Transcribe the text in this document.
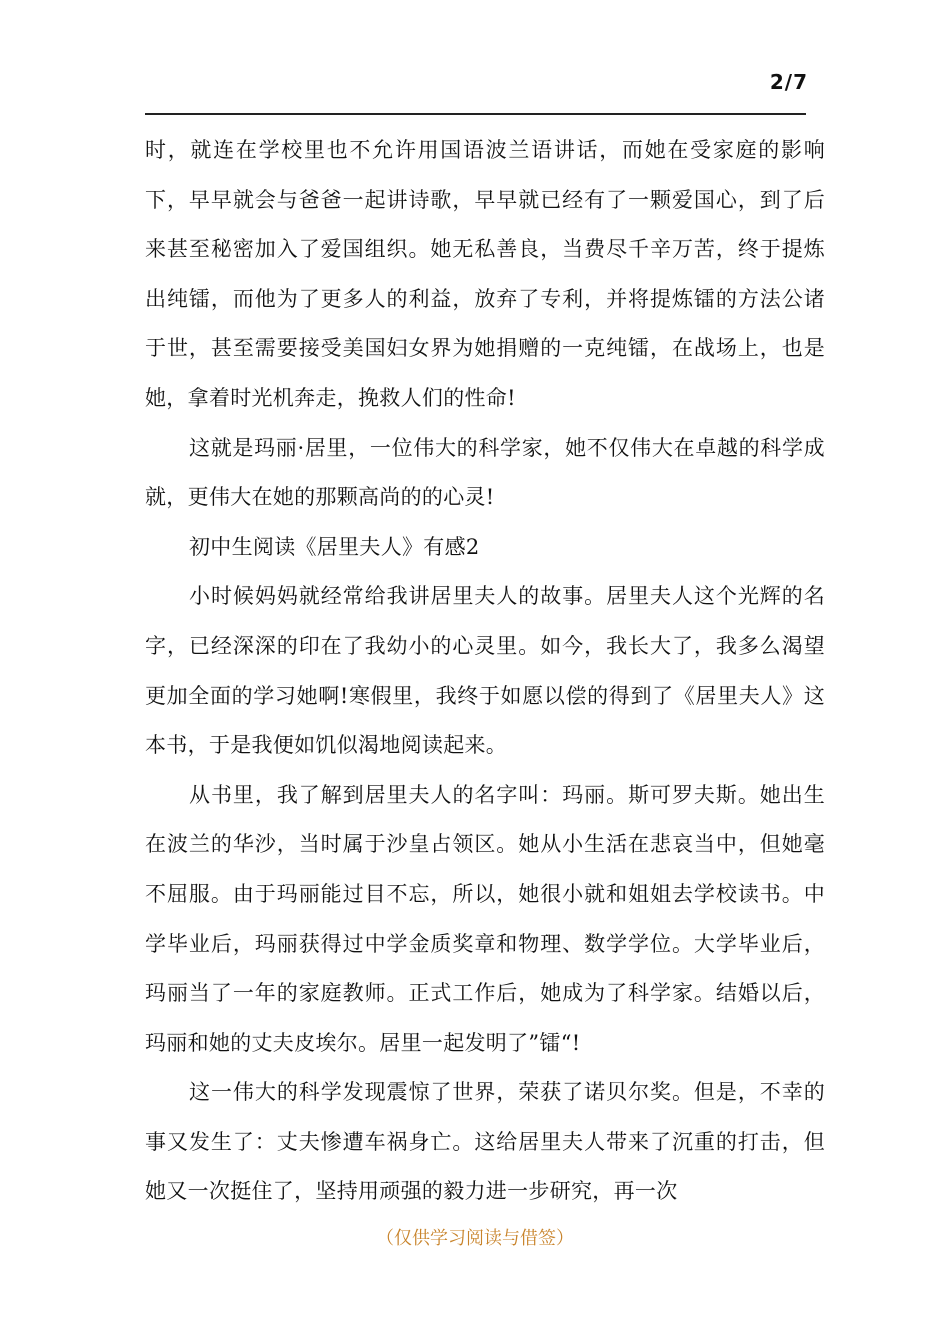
2/7

时，就连在学校里也不允许用国语波兰语讲话，而她在受家庭的影响下，早早就会与爸爸一起讲诗歌，早早就已经有了一颗爱国心，到了后来甚至秘密加入了爱国组织。她无私善良，当费尽千辛万苦，终于提炼出纯镭，而他为了更多人的利益，放弃了专利，并将提炼镭的方法公诸于世，甚至需要接受美国妇女界为她捐赠的一克纯镭，在战场上，也是她，拿着时光机奔走，挽救人们的性命!

这就是玛丽·居里，一位伟大的科学家，她不仅伟大在卓越的科学成就，更伟大在她的那颗高尚的的心灵!

初中生阅读《居里夫人》有感2

小时候妈妈就经常给我讲居里夫人的故事。居里夫人这个光辉的名字，已经深深的印在了我幼小的心灵里。如今，我长大了，我多么渴望更加全面的学习她啊!寒假里，我终于如愿以偿的得到了《居里夫人》这本书，于是我便如饥似渴地阅读起来。

从书里，我了解到居里夫人的名字叫：玛丽。斯可罗夫斯。她出生在波兰的华沙，当时属于沙皇占领区。她从小生活在悲哀当中，但她毫不屈服。由于玛丽能过目不忘，所以，她很小就和姐姐去学校读书。中学毕业后，玛丽获得过中学金质奖章和物理、数学学位。大学毕业后，玛丽当了一年的家庭教师。正式工作后，她成为了科学家。结婚以后，玛丽和她的丈夫皮埃尔。居里一起发明了”镭“!

这一伟大的科学发现震惊了世界，荣获了诺贝尔奖。但是，不幸的事又发生了：丈夫惨遭车祸身亡。这给居里夫人带来了沉重的打击，但她又一次挺住了，坚持用顽强的毅力进一步研究，再一次

（仅供学习阅读与借签）
